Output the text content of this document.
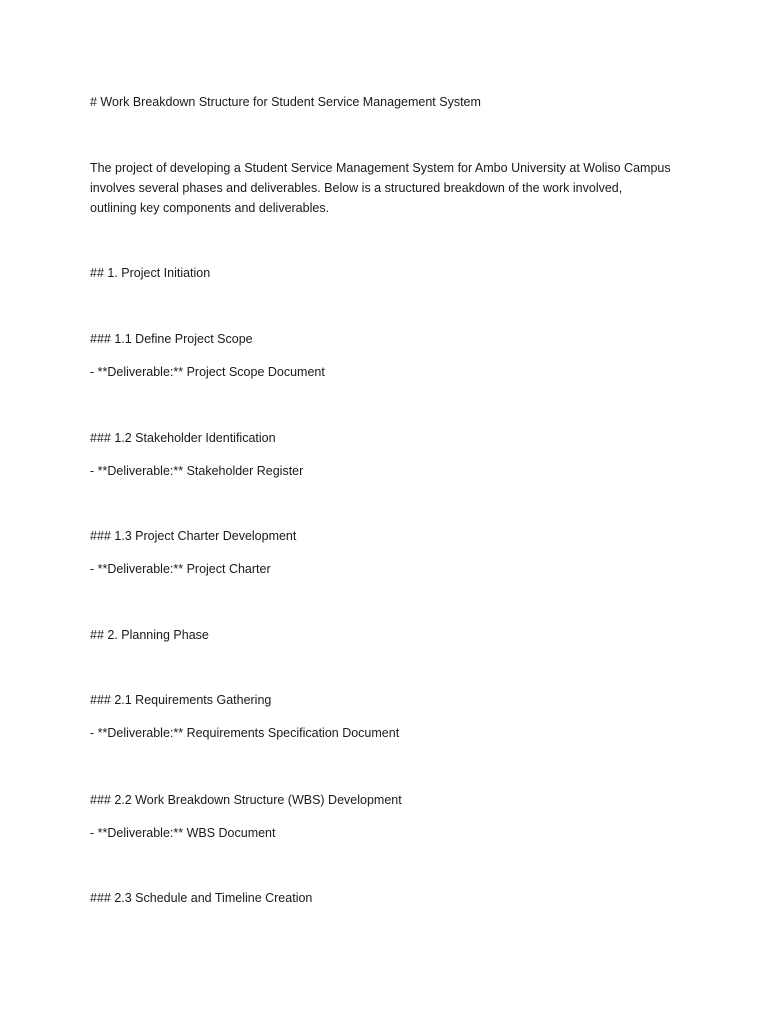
# Work Breakdown Structure for Student Service Management System
The project of developing a Student Service Management System for Ambo University at Woliso Campus
involves several phases and deliverables. Below is a structured breakdown of the work involved,
outlining key components and deliverables.
## 1. Project Initiation
### 1.1 Define Project Scope
- **Deliverable:** Project Scope Document
### 1.2 Stakeholder Identification
- **Deliverable:** Stakeholder Register
### 1.3 Project Charter Development
- **Deliverable:** Project Charter
## 2. Planning Phase
### 2.1 Requirements Gathering
- **Deliverable:** Requirements Specification Document
### 2.2 Work Breakdown Structure (WBS) Development
- **Deliverable:** WBS Document
### 2.3 Schedule and Timeline Creation
